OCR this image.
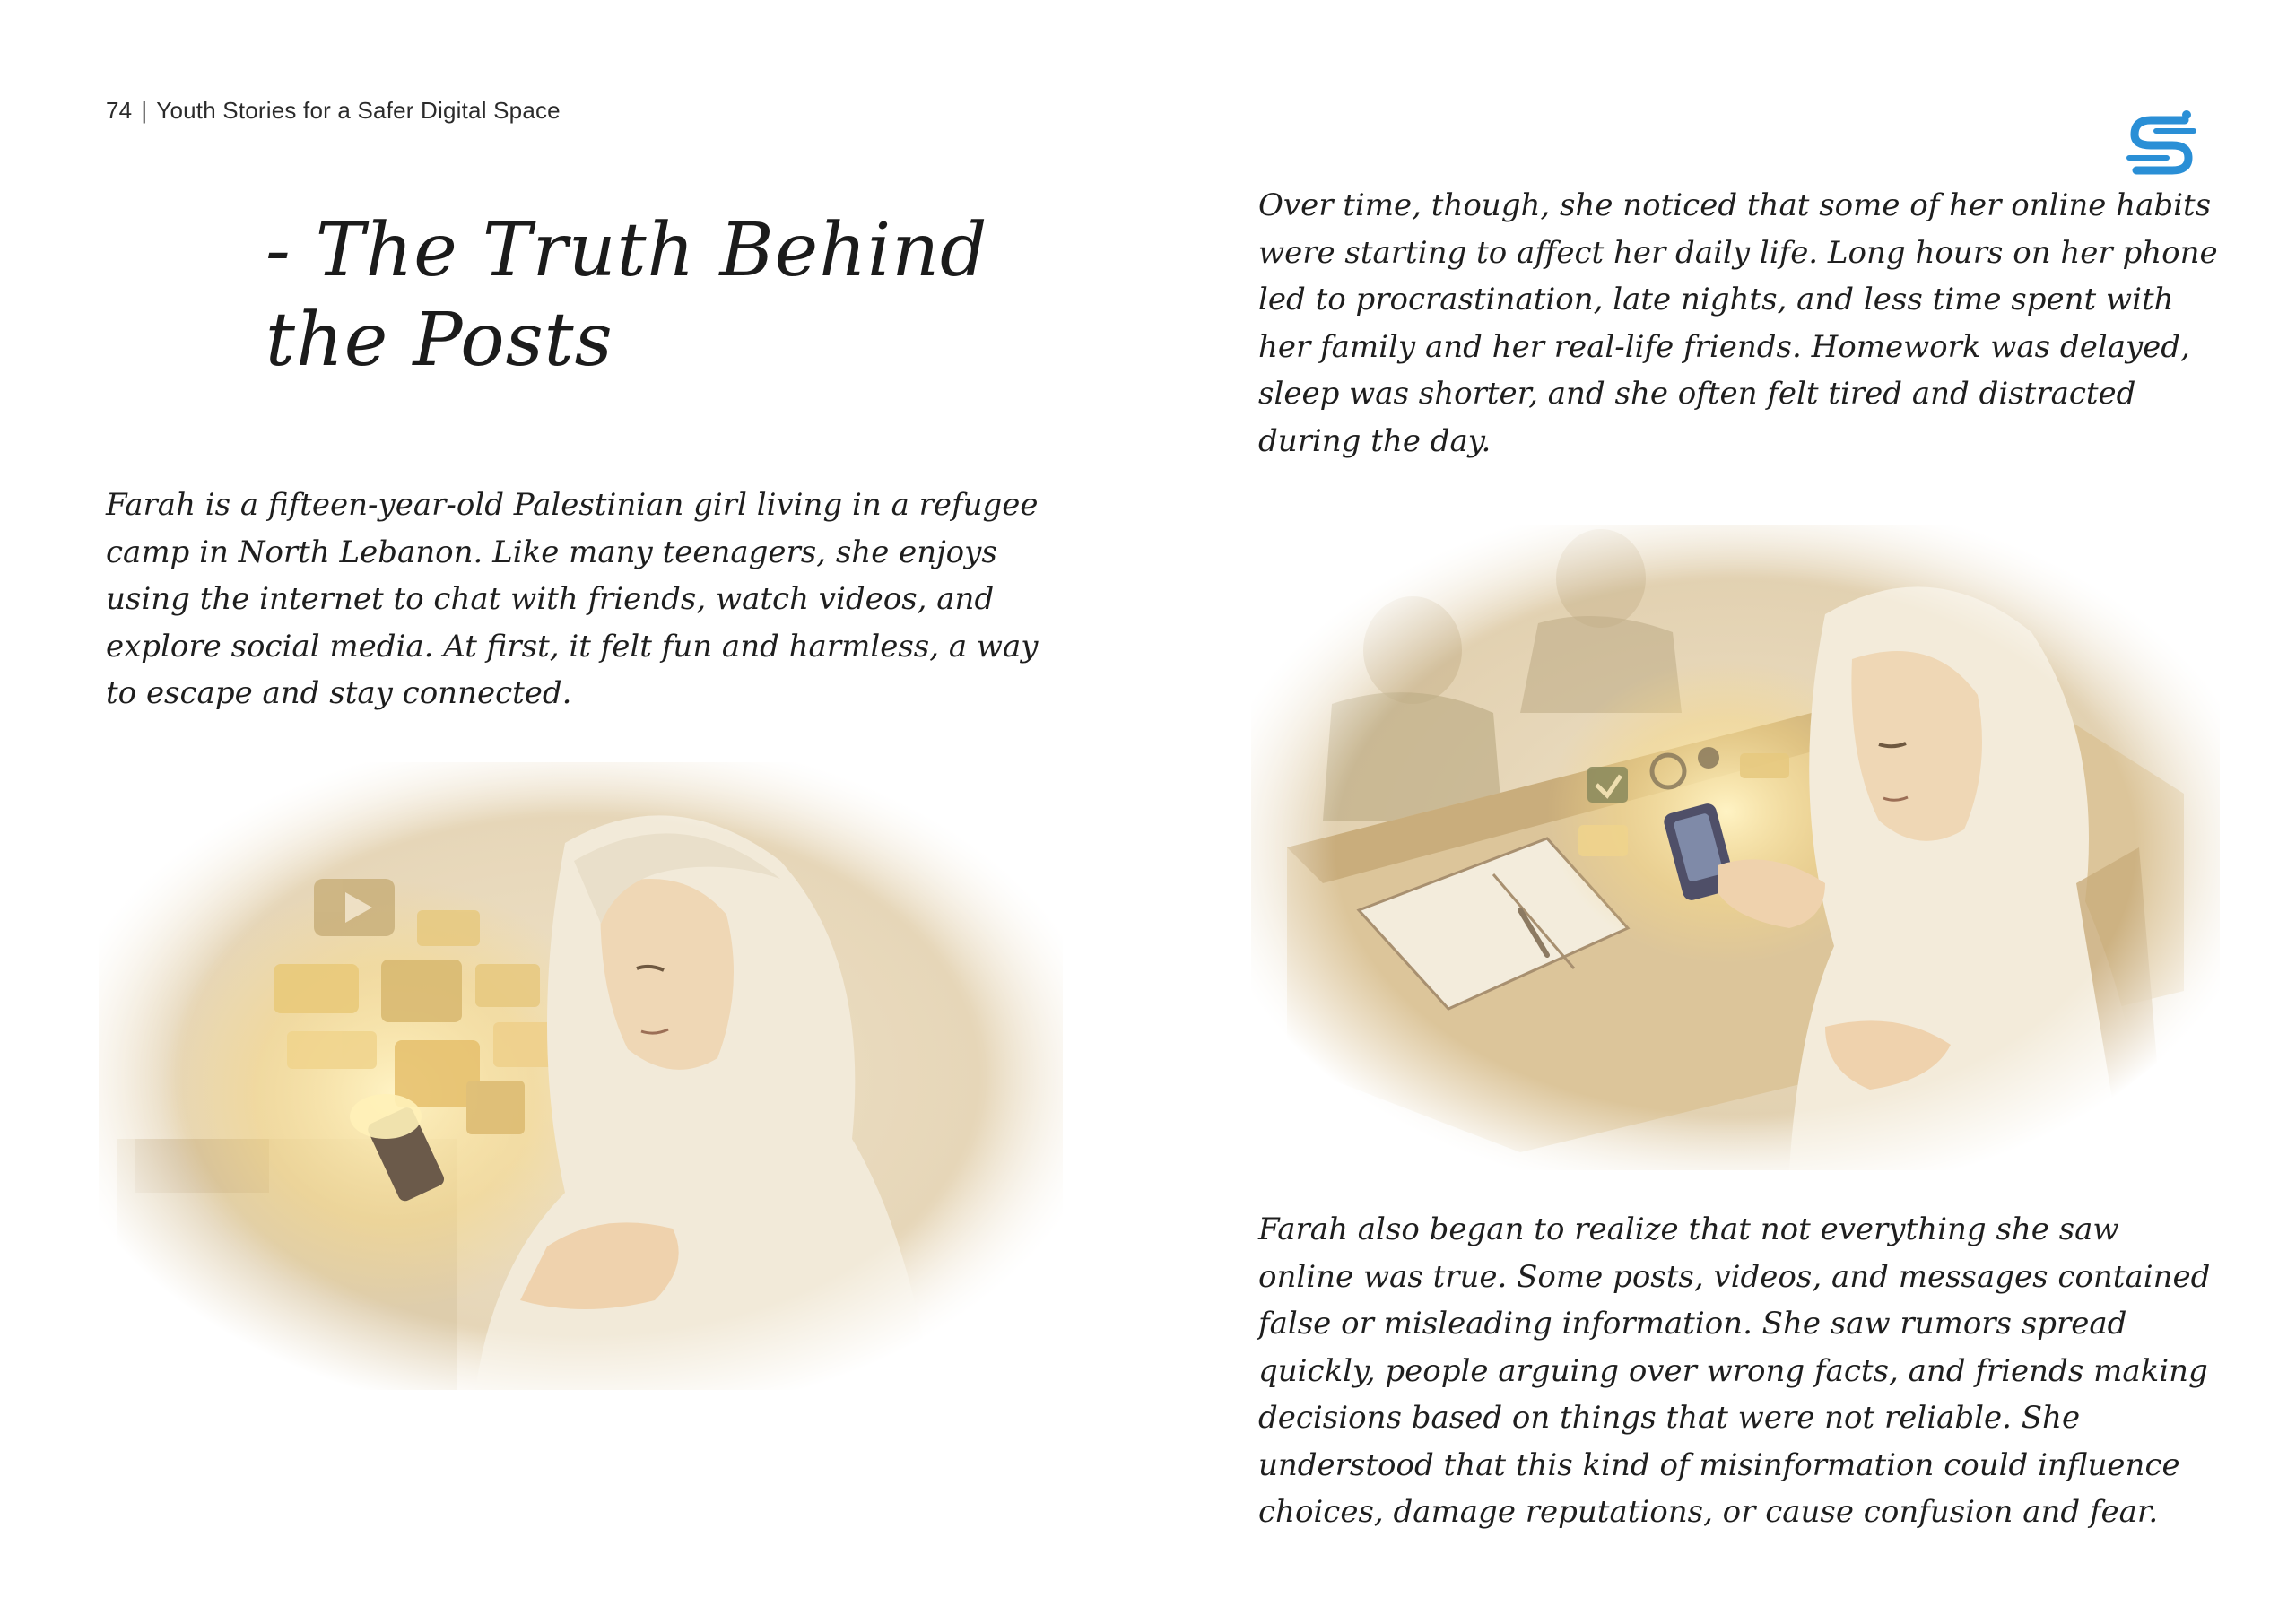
74 | Youth Stories for a Safer Digital Space
- The Truth Behind the Posts

Farah is a fifteen-year-old Palestinian girl living in a refugee camp in North Lebanon. Like many teenagers, she enjoys using the internet to chat with friends, watch videos, and explore social media. At first, it felt fun and harmless, a way to escape and stay connected.

Over time, though, she noticed that some of her online habits were starting to affect her daily life. Long hours on her phone led to procrastination, late nights, and less time spent with her family and her real-life friends. Homework was delayed, sleep was shorter, and she often felt tired and distracted during the day.

Farah also began to realize that not everything she saw online was true. Some posts, videos, and messages contained false or misleading information. She saw rumors spread quickly, people arguing over wrong facts, and friends making decisions based on things that were not reliable. She understood that this kind of misinformation could influence choices, damage reputations, or cause confusion and fear.
